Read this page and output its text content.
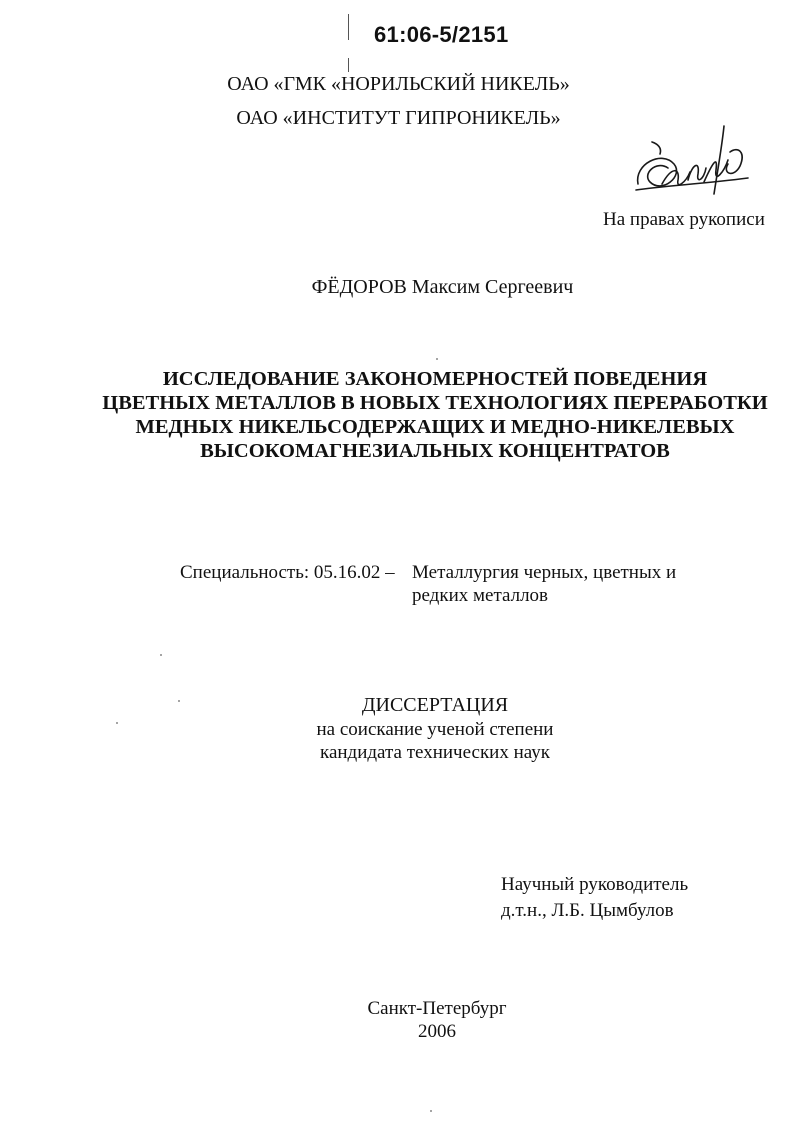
61:06-5/2151

ОАО «ГМК «НОРИЛЬСКИЙ НИКЕЛЬ»

ОАО «ИНСТИТУТ ГИПРОНИКЕЛЬ»

На правах рукописи

ФЁДОРОВ Максим Сергеевич

ИССЛЕДОВАНИЕ ЗАКОНОМЕРНОСТЕЙ ПОВЕДЕНИЯ
ЦВЕТНЫХ МЕТАЛЛОВ В НОВЫХ ТЕХНОЛОГИЯХ ПЕРЕРАБОТКИ
МЕДНЫХ НИКЕЛЬСОДЕРЖАЩИХ И МЕДНО-НИКЕЛЕВЫХ
ВЫСОКОМАГНЕЗИАЛЬНЫХ КОНЦЕНТРАТОВ

Специальность: 05.16.02 – Металлургия черных, цветных и

редких металлов

ДИССЕРТАЦИЯ

на соискание ученой степени

кандидата технических наук

Научный руководитель

д.т.н., Л.Б. Цымбулов

Санкт-Петербург

2006
